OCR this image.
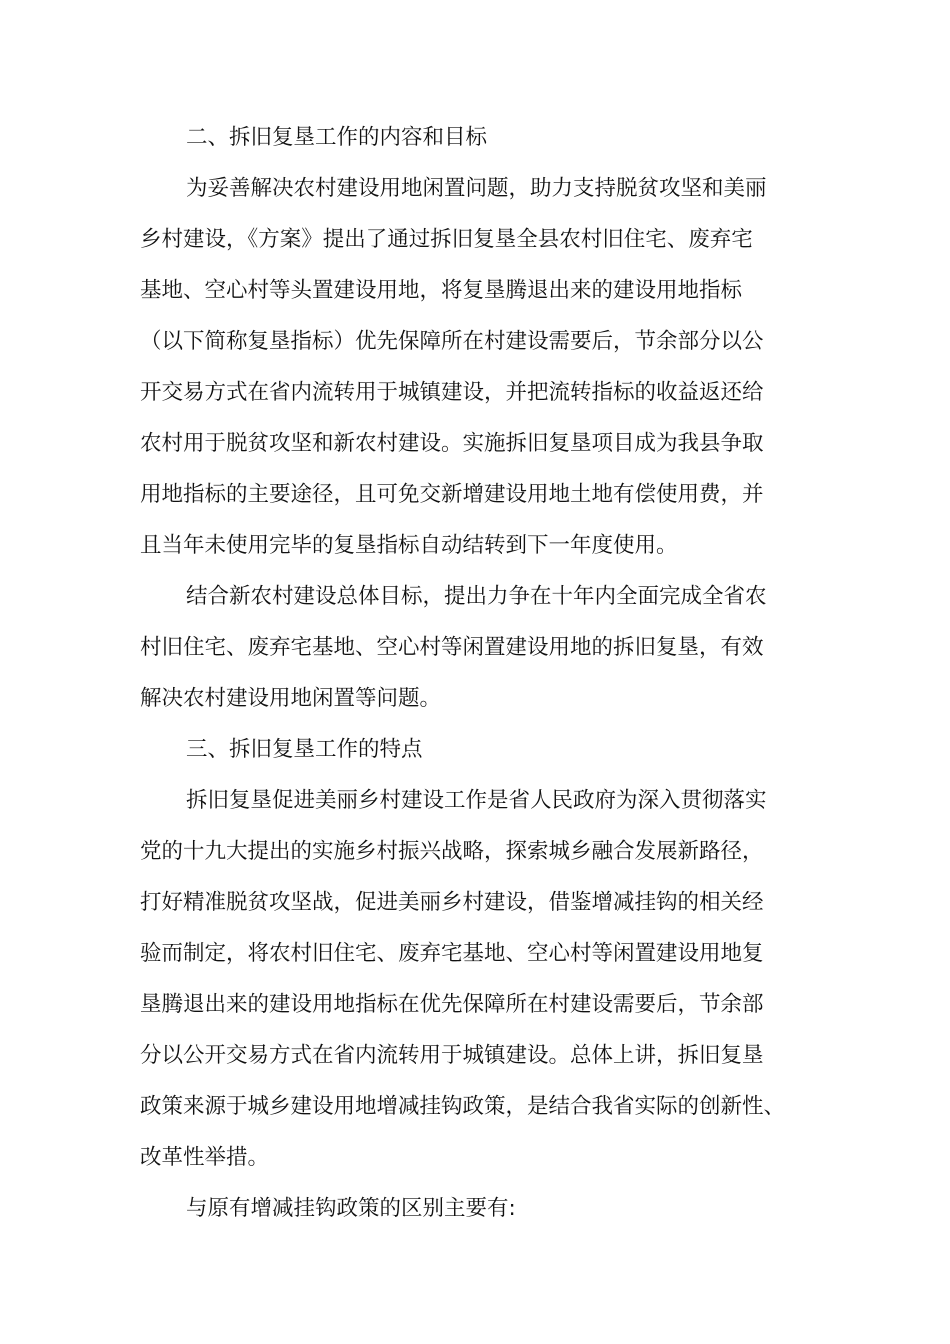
二、拆旧复垦工作的内容和目标

为妥善解决农村建设用地闲置问题，助力支持脱贫攻坚和美丽
乡村建设，《方案》提出了通过拆旧复垦全县农村旧住宅、废弃宅
基地、空心村等头置建设用地，将复垦腾退出来的建设用地指标
（以下简称复垦指标）优先保障所在村建设需要后，节余部分以公
开交易方式在省内流转用于城镇建设，并把流转指标的收益返还给
农村用于脱贫攻坚和新农村建设。实施拆旧复垦项目成为我县争取
用地指标的主要途径，且可免交新增建设用地土地有偿使用费，并
且当年未使用完毕的复垦指标自动结转到下一年度使用。

结合新农村建设总体目标，提出力争在十年内全面完成全省农
村旧住宅、废弃宅基地、空心村等闲置建设用地的拆旧复垦，有效
解决农村建设用地闲置等问题。

三、拆旧复垦工作的特点

拆旧复垦促进美丽乡村建设工作是省人民政府为深入贯彻落实
党的十九大提出的实施乡村振兴战略，探索城乡融合发展新路径，
打好精准脱贫攻坚战，促进美丽乡村建设，借鉴增减挂钩的相关经
验而制定，将农村旧住宅、废弃宅基地、空心村等闲置建设用地复
垦腾退出来的建设用地指标在优先保障所在村建设需要后，节余部
分以公开交易方式在省内流转用于城镇建设。总体上讲，拆旧复垦
政策来源于城乡建设用地增减挂钩政策，是结合我省实际的创新性、
改革性举措。

与原有增减挂钩政策的区别主要有:
